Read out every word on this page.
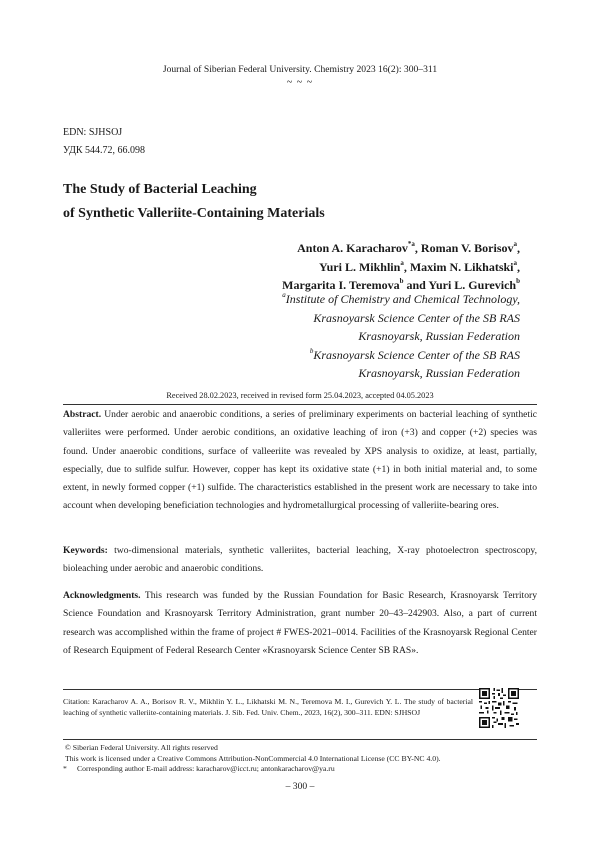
Journal of Siberian Federal University. Chemistry 2023 16(2): 300–311
~ ~ ~
EDN: SJHSOJ
УДК 544.72, 66.098
The Study of Bacterial Leaching
of Synthetic Valleriite-Containing Materials
Anton A. Karacharov$^{*a}$, Roman V. Borisov$^a$,
Yuri L. Mikhlin$^a$, Maxim N. Likhatski$^a$,
Margarita I. Teremova$^b$ and Yuri L. Gurevich$^b$
$^a$Institute of Chemistry and Chemical Technology,
Krasnoyarsk Science Center of the SB RAS
Krasnoyarsk, Russian Federation
$^b$Krasnoyarsk Science Center of the SB RAS
Krasnoyarsk, Russian Federation
Received 28.02.2023, received in revised form 25.04.2023, accepted 04.05.2023
Abstract. Under aerobic and anaerobic conditions, a series of preliminary experiments on bacterial leaching of synthetic valleriites were performed. Under aerobic conditions, an oxidative leaching of iron (+3) and copper (+2) species was found. Under anaerobic conditions, surface of valleeriite was revealed by XPS analysis to oxidize, at least, partially, especially, due to sulfide sulfur. However, copper has kept its oxidative state (+1) in both initial material and, to some extent, in newly formed copper (+1) sulfide. The characteristics established in the present work are necessary to take into account when developing beneficiation technologies and hydrometallurgical processing of valleriite-bearing ores.
Keywords: two-dimensional materials, synthetic valleriites, bacterial leaching, X-ray photoelectron spectroscopy, bioleaching under aerobic and anaerobic conditions.
Acknowledgments. This research was funded by the Russian Foundation for Basic Research, Krasnoyarsk Territory Science Foundation and Krasnoyarsk Territory Administration, grant number 20–43–242903. Also, a part of current research was accomplished within the frame of project # FWES-2021–0014. Facilities of the Krasnoyarsk Regional Center of Research Equipment of Federal Research Center «Krasnoyarsk Science Center SB RAS».
Citation: Karacharov A. A., Borisov R. V., Mikhlin Y. L., Likhatski M. N., Teremova M. I., Gurevich Y. L. The study of bacterial leaching of synthetic valleriite-containing materials. J. Sib. Fed. Univ. Chem., 2023, 16(2), 300–311. EDN: SJHSOJ
© Siberian Federal University. All rights reserved
This work is licensed under a Creative Commons Attribution-NonCommercial 4.0 International License (CC BY-NC 4.0).
* Corresponding author E-mail address: karacharov@icct.ru; antonkaracharov@ya.ru
– 300 –
